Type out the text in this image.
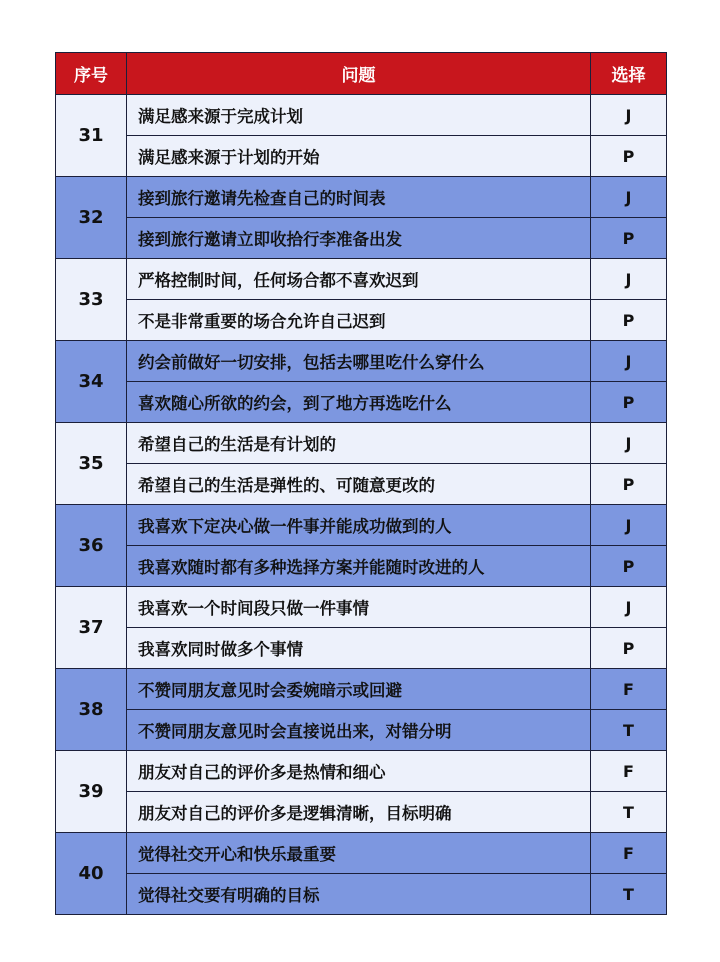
序号	问题	选择
31
满足感来源于完成计划	J
满足感来源于计划的开始	P
32
接到旅行邀请先检查自己的时间表	J
接到旅行邀请立即收拾行李准备出发	P
33
严格控制时间，任何场合都不喜欢迟到	J
不是非常重要的场合允许自己迟到	P
34
约会前做好一切安排，包括去哪里吃什么穿什么	J
喜欢随心所欲的约会，到了地方再选吃什么	P
35
希望自己的生活是有计划的	J
希望自己的生活是弹性的、可随意更改的	P
36
我喜欢下定决心做一件事并能成功做到的人	J
我喜欢随时都有多种选择方案并能随时改进的人	P
37
我喜欢一个时间段只做一件事情	J
我喜欢同时做多个事情	P
38
不赞同朋友意见时会委婉暗示或回避	F
不赞同朋友意见时会直接说出来，对错分明	T
39
朋友对自己的评价多是热情和细心	F
朋友对自己的评价多是逻辑清晰，目标明确	T
40
觉得社交开心和快乐最重要	F
觉得社交要有明确的目标	T
